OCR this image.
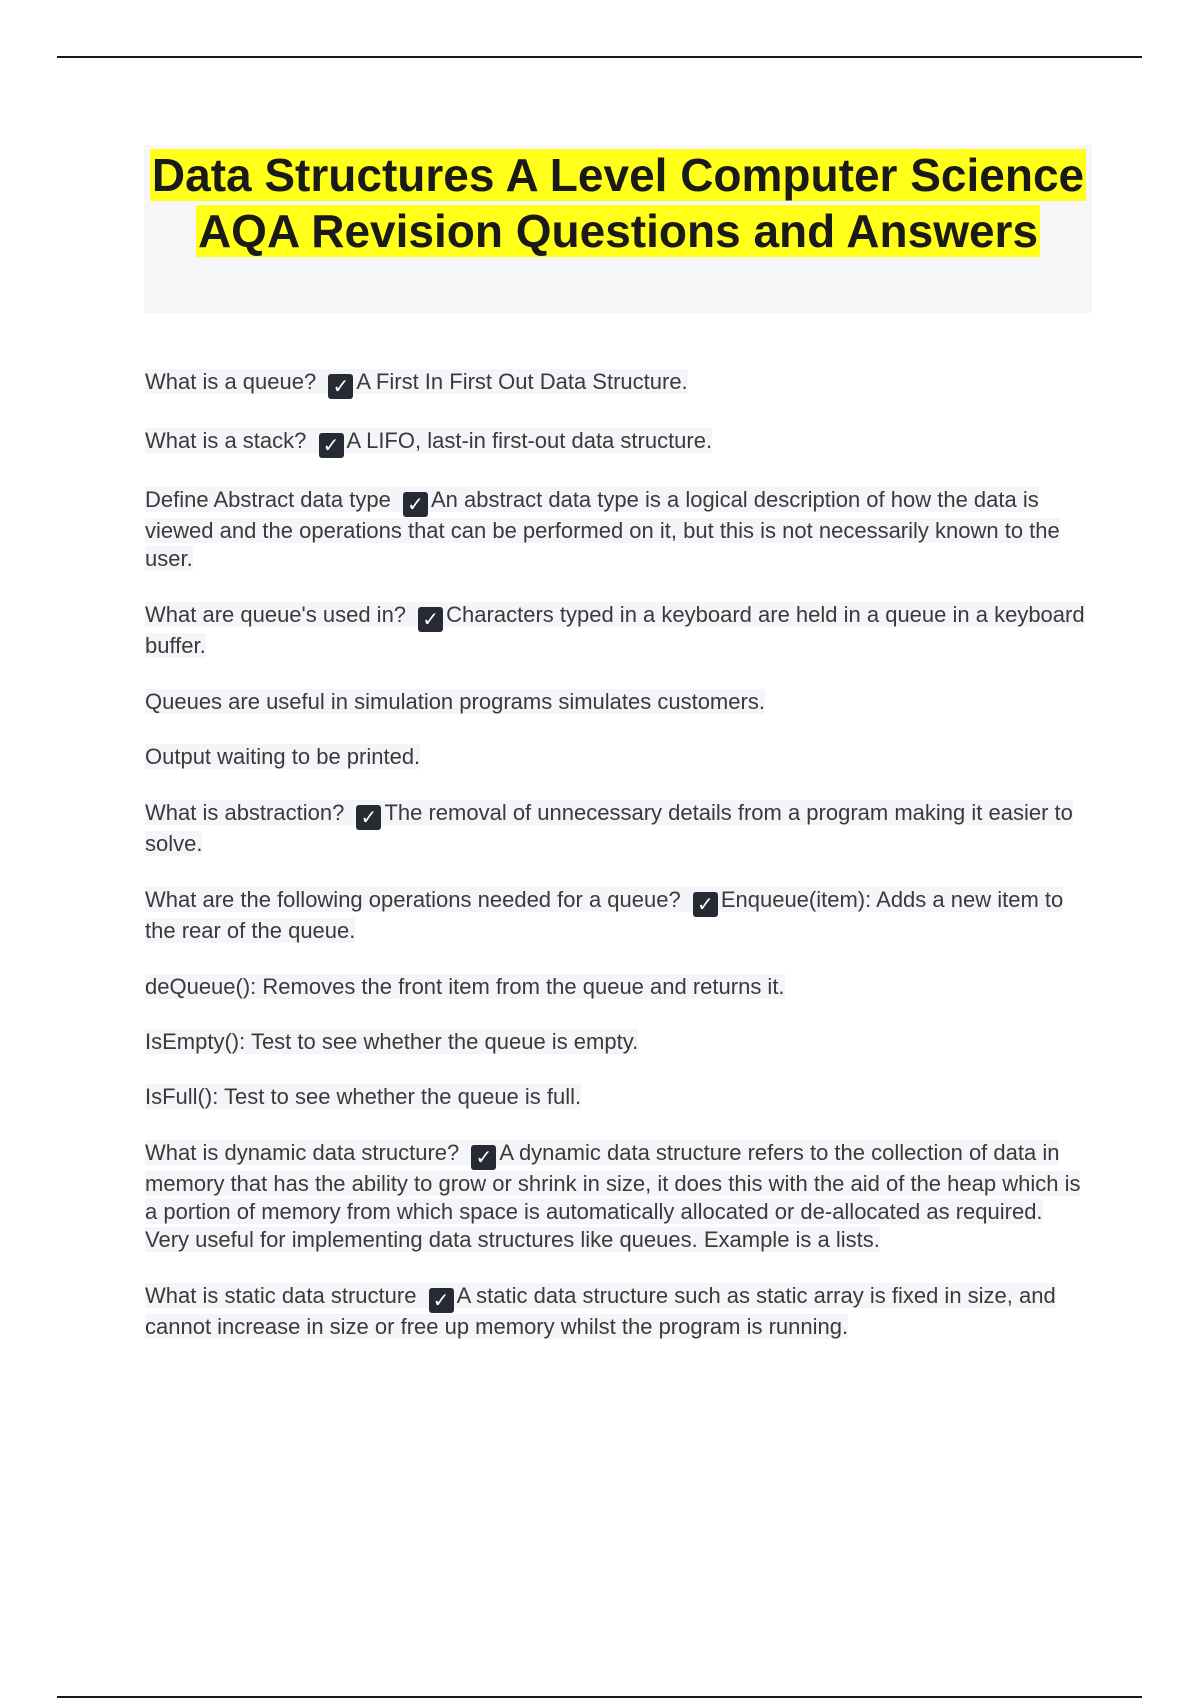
Data Structures A Level Computer Science AQA Revision Questions and Answers

What is a queue? ✓ A First In First Out Data Structure.

What is a stack? ✓ A LIFO, last-in first-out data structure.

Define Abstract data type ✓ An abstract data type is a logical description of how the data is viewed and the operations that can be performed on it, but this is not necessarily known to the user.

What are queue's used in? ✓ Characters typed in a keyboard are held in a queue in a keyboard buffer.

Queues are useful in simulation programs simulates customers.

Output waiting to be printed.

What is abstraction? ✓ The removal of unnecessary details from a program making it easier to solve.

What are the following operations needed for a queue? ✓ Enqueue(item): Adds a new item to the rear of the queue.

deQueue(): Removes the front item from the queue and returns it.

IsEmpty(): Test to see whether the queue is empty.

IsFull(): Test to see whether the queue is full.

What is dynamic data structure? ✓ A dynamic data structure refers to the collection of data in memory that has the ability to grow or shrink in size, it does this with the aid of the heap which is a portion of memory from which space is automatically allocated or de-allocated as required.
Very useful for implementing data structures like queues. Example is a lists.

What is static data structure ✓ A static data structure such as static array is fixed in size, and cannot increase in size or free up memory whilst the program is running.
